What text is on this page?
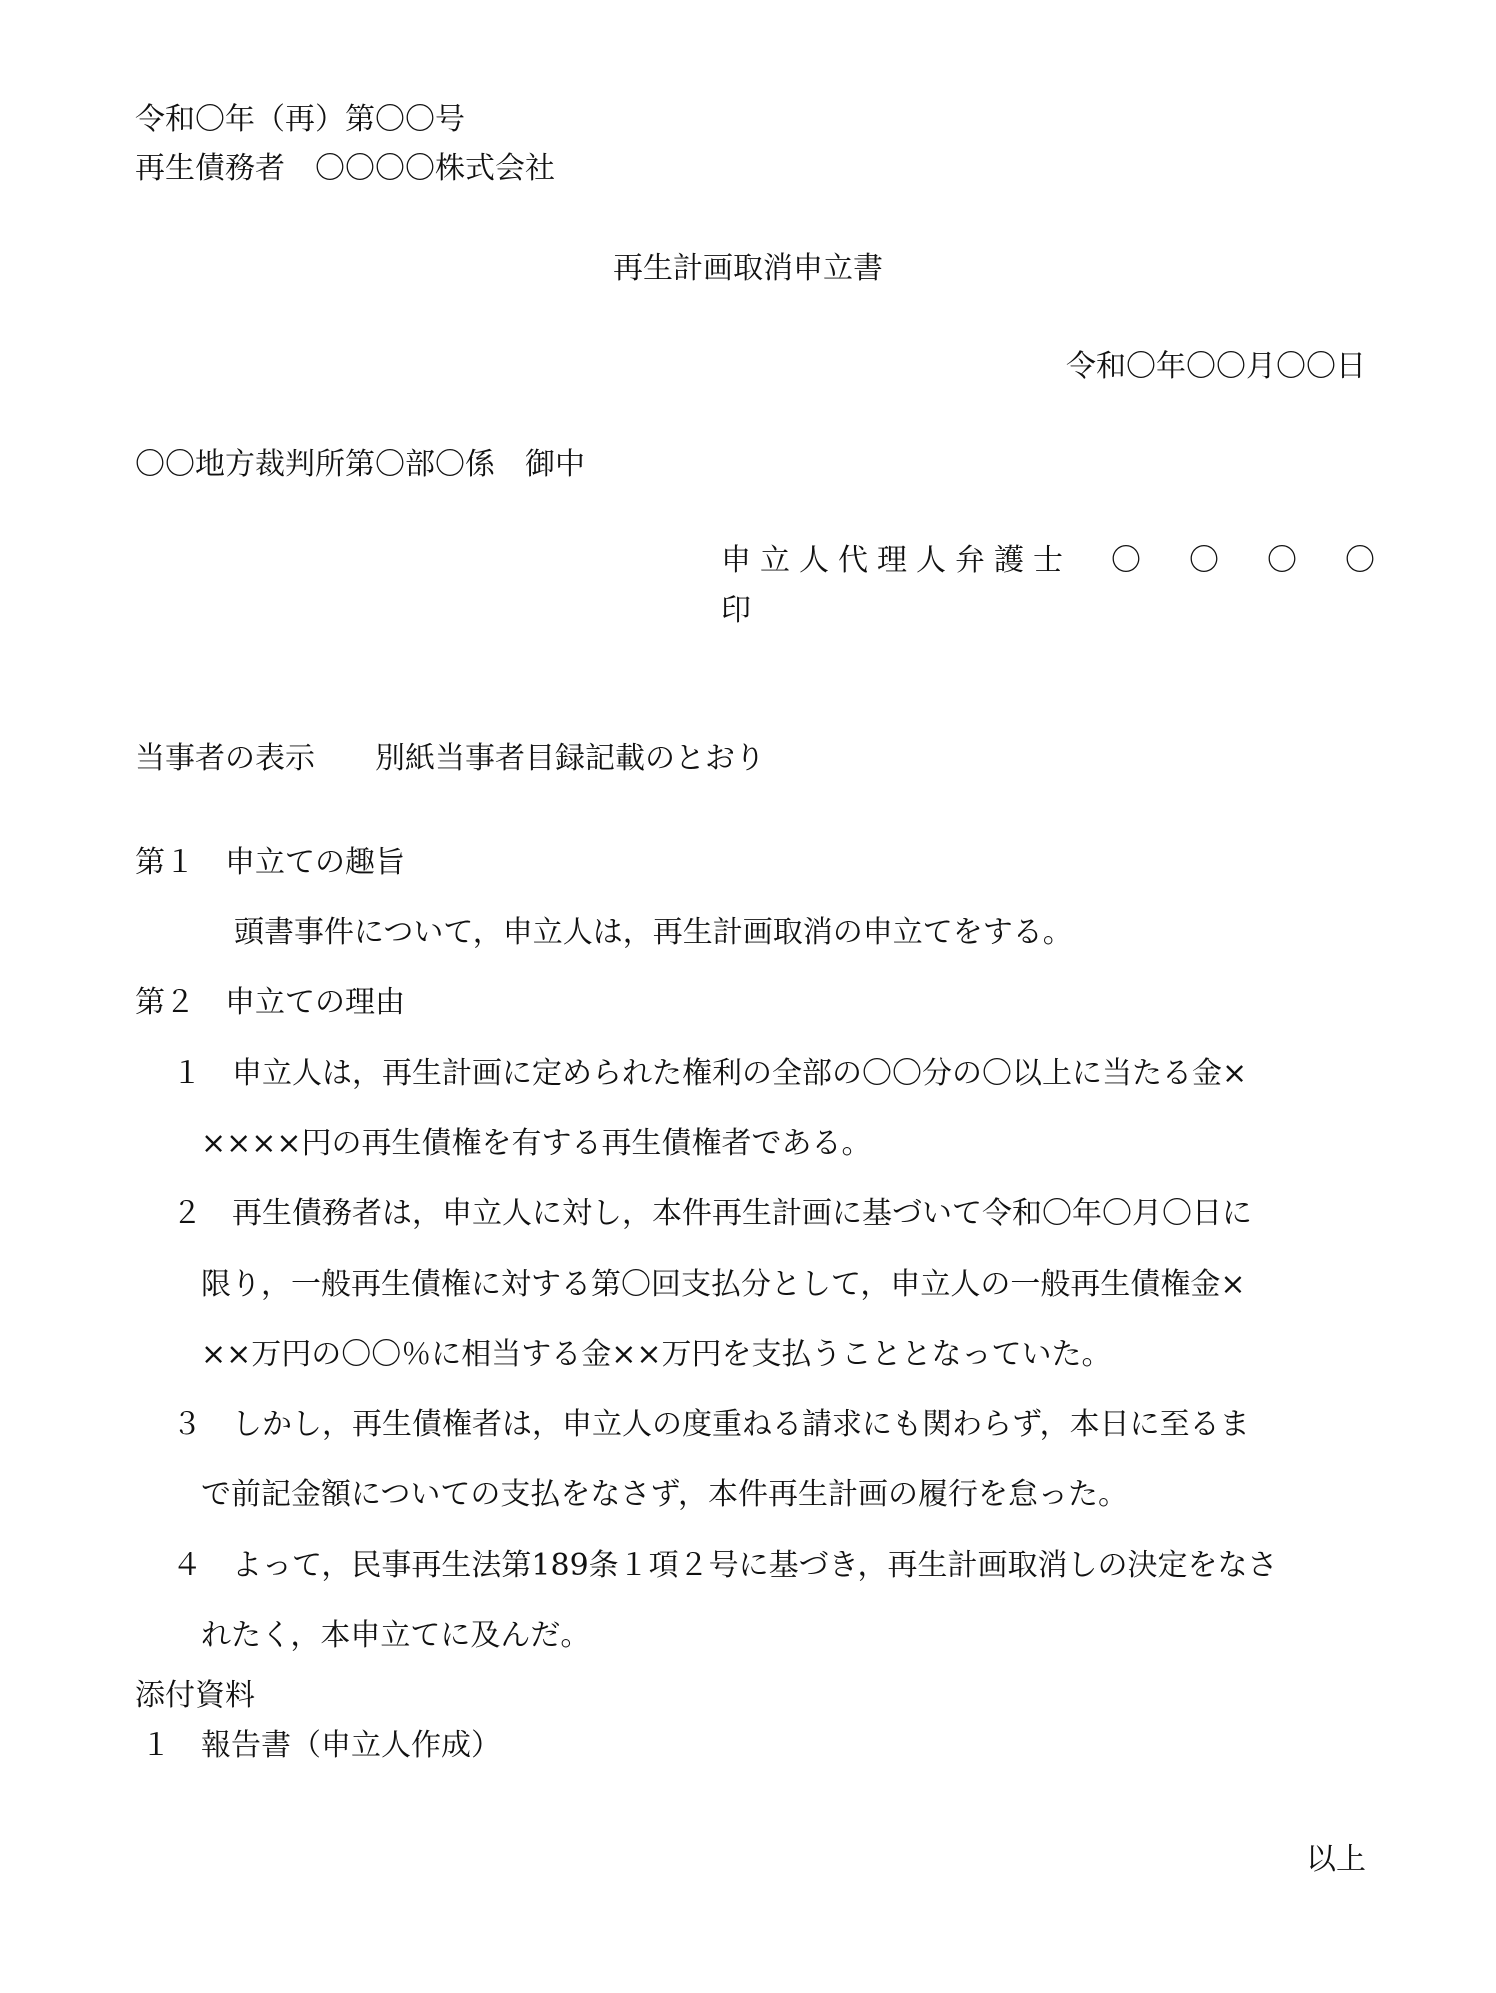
令和〇年（再）第〇〇号
再生債務者　〇〇〇〇株式会社
再生計画取消申立書
令和〇年〇〇月〇〇日
〇〇地方裁判所第〇部〇係　御中
申立人代理人弁護士　〇　〇　〇　〇
印
当事者の表示　　別紙当事者目録記載のとおり
第１　申立ての趣旨
頭書事件について，申立人は，再生計画取消の申立てをする。
第２　申立ての理由
１　申立人は，再生計画に定められた権利の全部の〇〇分の〇以上に当たる金×
××××円の再生債権を有する再生債権者である。
２　再生債務者は，申立人に対し，本件再生計画に基づいて令和〇年〇月〇日に
限り，一般再生債権に対する第〇回支払分として，申立人の一般再生債権金×
××万円の〇〇％に相当する金××万円を支払うこととなっていた。
３　しかし，再生債権者は，申立人の度重ねる請求にも関わらず，本日に至るま
で前記金額についての支払をなさず，本件再生計画の履行を怠った。
４　よって，民事再生法第189条１項２号に基づき，再生計画取消しの決定をなさ
れたく，本申立てに及んだ。
添付資料
１　報告書（申立人作成）
以上
